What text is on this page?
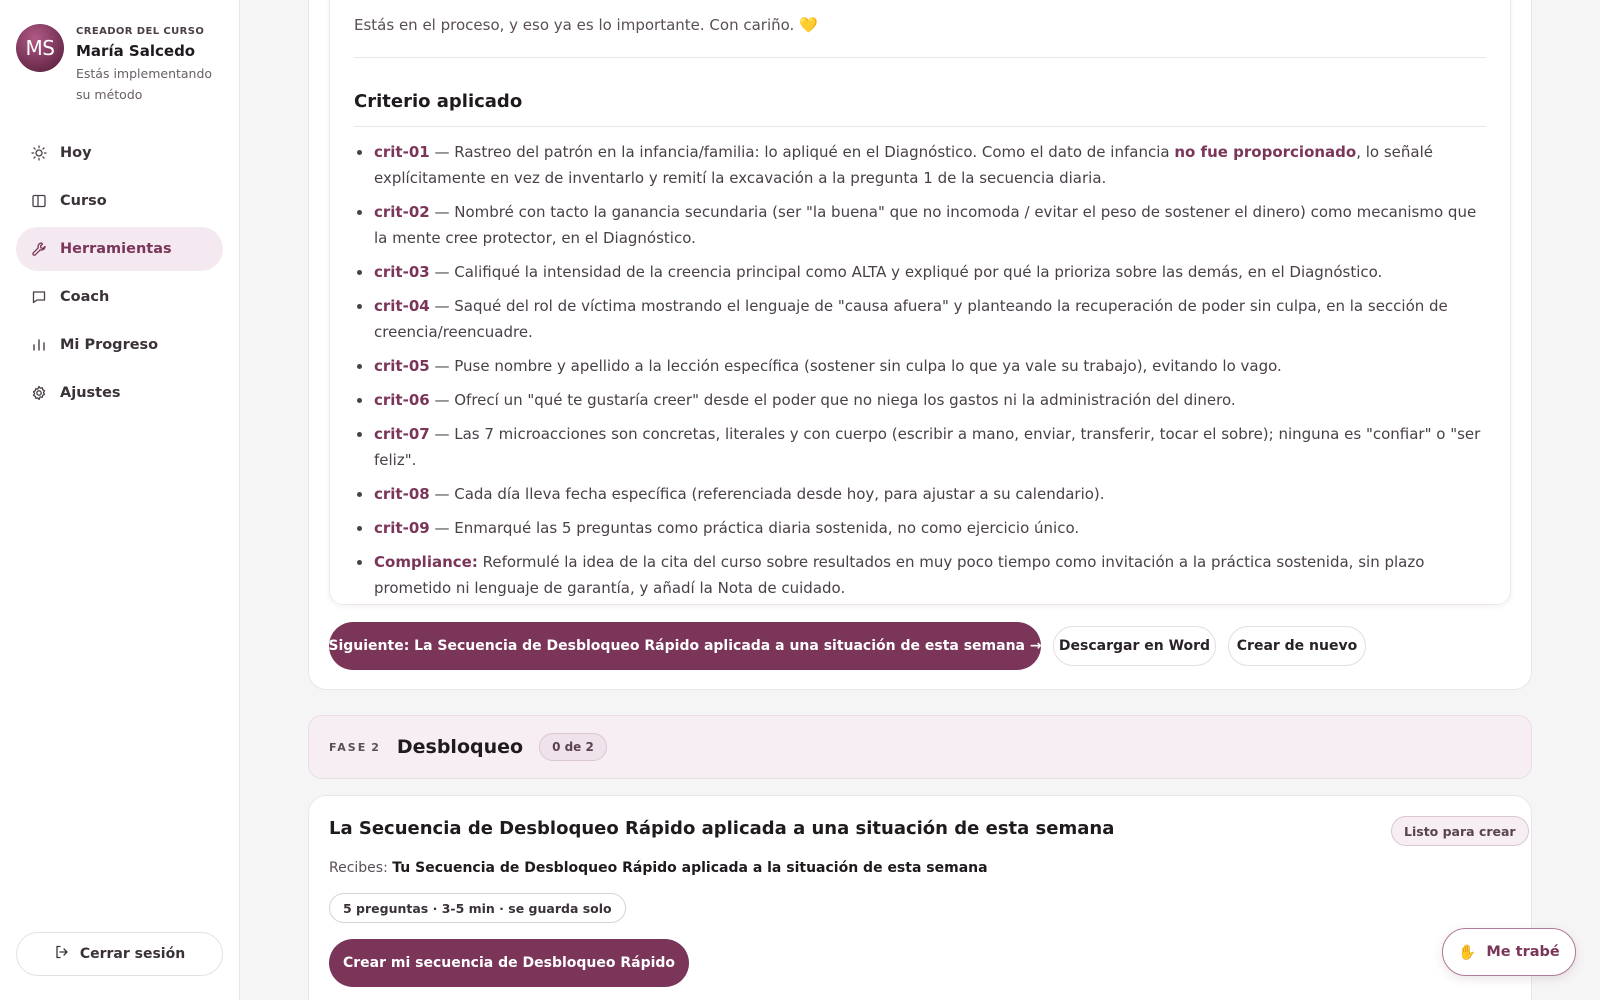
MS
CREADOR DEL CURSO
María Salcedo
Estás implementando su método
Hoy
Curso
Herramientas
Coach
Mi Progreso
Ajustes
Cerrar sesión
Estás en el proceso, y eso ya es lo importante. Con cariño. 💛
Criterio aplicado
crit-01 — Rastreo del patrón en la infancia/familia: lo apliqué en el Diagnóstico. Como el dato de infancia no fue proporcionado, lo señalé explícitamente en vez de inventarlo y remití la excavación a la pregunta 1 de la secuencia diaria.
crit-02 — Nombré con tacto la ganancia secundaria (ser "la buena" que no incomoda / evitar el peso de sostener el dinero) como mecanismo que la mente cree protector, en el Diagnóstico.
crit-03 — Califiqué la intensidad de la creencia principal como ALTA y expliqué por qué la prioriza sobre las demás, en el Diagnóstico.
crit-04 — Saqué del rol de víctima mostrando el lenguaje de "causa afuera" y planteando la recuperación de poder sin culpa, en la sección de creencia/reencuadre.
crit-05 — Puse nombre y apellido a la lección específica (sostener sin culpa lo que ya vale su trabajo), evitando lo vago.
crit-06 — Ofrecí un "qué te gustaría creer" desde el poder que no niega los gastos ni la administración del dinero.
crit-07 — Las 7 microacciones son concretas, literales y con cuerpo (escribir a mano, enviar, transferir, tocar el sobre); ninguna es "confiar" o "ser feliz".
crit-08 — Cada día lleva fecha específica (referenciada desde hoy, para ajustar a su calendario).
crit-09 — Enmarqué las 5 preguntas como práctica diaria sostenida, no como ejercicio único.
Compliance: Reformulé la idea de la cita del curso sobre resultados en muy poco tiempo como invitación a la práctica sostenida, sin plazo prometido ni lenguaje de garantía, y añadí la Nota de cuidado.
Siguiente: La Secuencia de Desbloqueo Rápido aplicada a una situación de esta semana →	Descargar en Word	Crear de nuevo
FASE 2 Desbloqueo	0 de 2
La Secuencia de Desbloqueo Rápido aplicada a una situación de esta semana	Listo para crear
Recibes: Tu Secuencia de Desbloqueo Rápido aplicada a la situación de esta semana
5 preguntas · 3-5 min · se guarda solo
Crear mi secuencia de Desbloqueo Rápido
✋ Me trabé
